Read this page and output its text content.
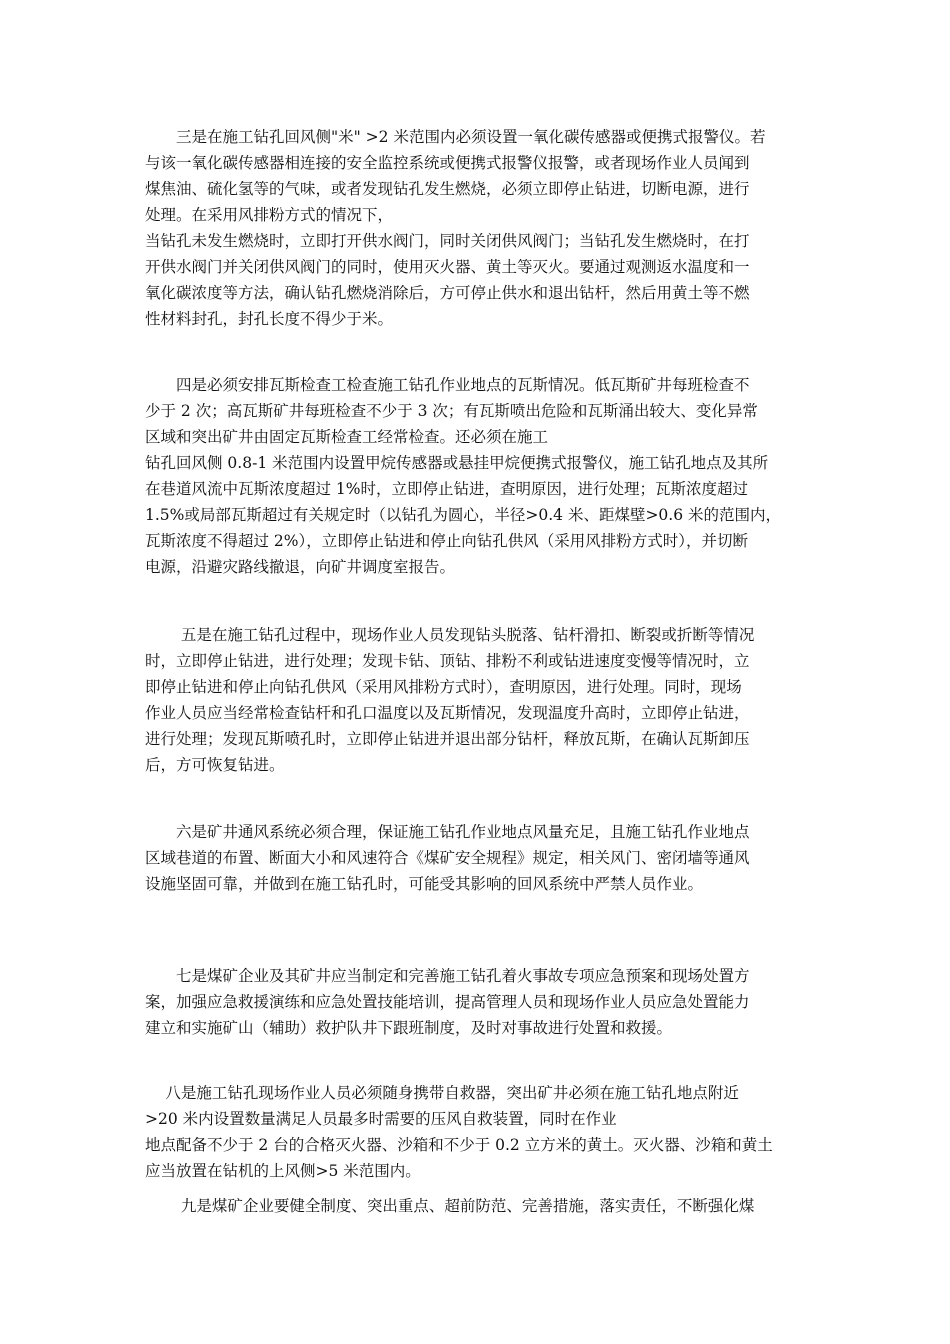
　　三是在施工钻孔回风侧"米" >2 米范围内必须设置一氧化碳传感器或便携式报警仪。若
与该一氧化碳传感器相连接的安全监控系统或便携式报警仪报警，或者现场作业人员闻到
煤焦油、硫化氢等的气味，或者发现钻孔发生燃烧，必须立即停止钻进，切断电源，进行
处理。在采用风排粉方式的情况下，
当钻孔未发生燃烧时，立即打开供水阀门，同时关闭供风阀门；当钻孔发生燃烧时，在打
开供水阀门并关闭供风阀门的同时，使用灭火器、黄土等灭火。要通过观测返水温度和一
氧化碳浓度等方法，确认钻孔燃烧消除后，方可停止供水和退出钻杆，然后用黄土等不燃
性材料封孔，封孔长度不得少于米。

　　四是必须安排瓦斯检查工检查施工钻孔作业地点的瓦斯情况。低瓦斯矿井每班检查不
少于 2 次；高瓦斯矿井每班检查不少于 3 次；有瓦斯喷出危险和瓦斯涌出较大、变化异常
区域和突出矿井由固定瓦斯检查工经常检查。还必须在施工
钻孔回风侧 0.8-1 米范围内设置甲烷传感器或悬挂甲烷便携式报警仪，施工钻孔地点及其所
在巷道风流中瓦斯浓度超过 1%时，立即停止钻进，查明原因，进行处理；瓦斯浓度超过
1.5%或局部瓦斯超过有关规定时（以钻孔为圆心，半径>0.4 米、距煤壁>0.6 米的范围内，
瓦斯浓度不得超过 2%），立即停止钻进和停止向钻孔供风（采用风排粉方式时），并切断
电源，沿避灾路线撤退，向矿井调度室报告。

　　 五是在施工钻孔过程中，现场作业人员发现钻头脱落、钻杆滑扣、断裂或折断等情况
时，立即停止钻进，进行处理；发现卡钻、顶钻、排粉不利或钻进速度变慢等情况时，立
即停止钻进和停止向钻孔供风（采用风排粉方式时），查明原因，进行处理。同时，现场
作业人员应当经常检查钻杆和孔口温度以及瓦斯情况，发现温度升高时，立即停止钻进，
进行处理；发现瓦斯喷孔时，立即停止钻进并退出部分钻杆，释放瓦斯，在确认瓦斯卸压
后，方可恢复钻进。

　　六是矿井通风系统必须合理，保证施工钻孔作业地点风量充足，且施工钻孔作业地点
区域巷道的布置、断面大小和风速符合《煤矿安全规程》规定，相关风门、密闭墙等通风
设施坚固可靠，并做到在施工钻孔时，可能受其影响的回风系统中严禁人员作业。

　　七是煤矿企业及其矿井应当制定和完善施工钻孔着火事故专项应急预案和现场处置方
案，加强应急救援演练和应急处置技能培训，提高管理人员和现场作业人员应急处置能力
建立和实施矿山（辅助）救护队井下跟班制度，及时对事故进行处置和救援。

　 八是施工钻孔现场作业人员必须随身携带自救器，突出矿井必须在施工钻孔地点附近
>20 米内设置数量满足人员最多时需要的压风自救装置，同时在作业
地点配备不少于 2 台的合格灭火器、沙箱和不少于 0.2 立方米的黄土。灭火器、沙箱和黄土
应当放置在钻机的上风侧>5 米范围内。

　　 九是煤矿企业要健全制度、突出重点、超前防范、完善措施，落实责任，不断强化煤
